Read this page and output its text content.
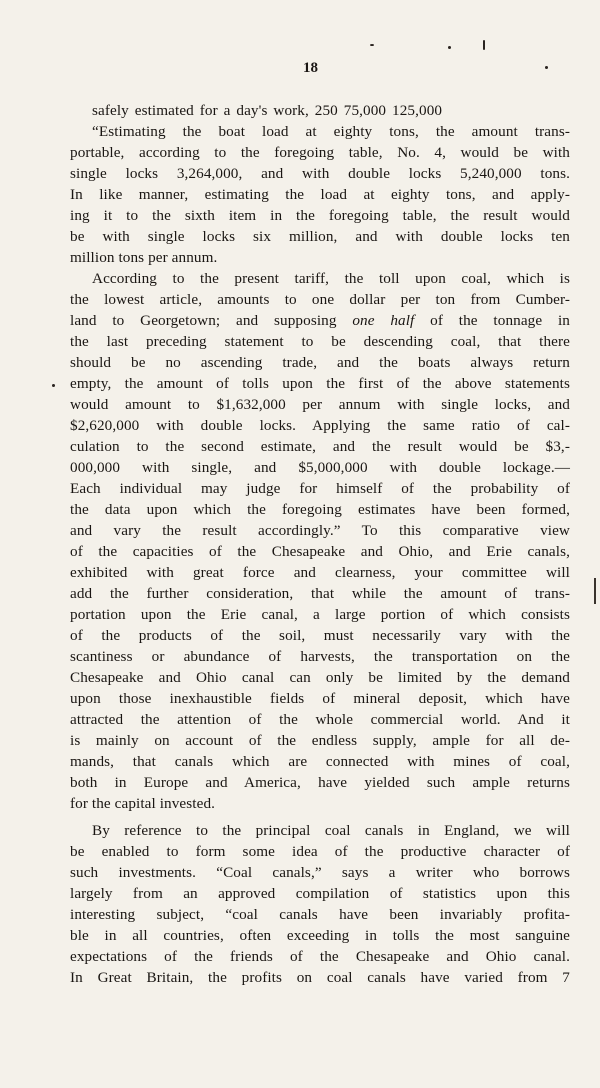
18
safely estimated for a day's work, 250 75,000 125,000
“Estimating the boat load at eighty tons, the amount trans-
portable, according to the foregoing table, No. 4, would be with
single locks 3,264,000, and with double locks 5,240,000 tons.
In like manner, estimating the load at eighty tons, and apply-
ing it to the sixth item in the foregoing table, the result would
be with single locks six million, and with double locks ten
million tons per annum.
According to the present tariff, the toll upon coal, which is
the lowest article, amounts to one dollar per ton from Cumber-
land to Georgetown; and supposing one half of the tonnage in
the last preceding statement to be descending coal, that there
should be no ascending trade, and the boats always return
empty, the amount of tolls upon the first of the above statements
would amount to $1,632,000 per annum with single locks, and
$2,620,000 with double locks. Applying the same ratio of cal-
culation to the second estimate, and the result would be $3,-
000,000 with single, and $5,000,000 with double lockage.—
Each individual may judge for himself of the probability of
the data upon which the foregoing estimates have been formed,
and vary the result accordingly.” To this comparative view
of the capacities of the Chesapeake and Ohio, and Erie canals,
exhibited with great force and clearness, your committee will
add the further consideration, that while the amount of trans-
portation upon the Erie canal, a large portion of which consists
of the products of the soil, must necessarily vary with the
scantiness or abundance of harvests, the transportation on the
Chesapeake and Ohio canal can only be limited by the demand
upon those inexhaustible fields of mineral deposit, which have
attracted the attention of the whole commercial world. And it
is mainly on account of the endless supply, ample for all de-
mands, that canals which are connected with mines of coal,
both in Europe and America, have yielded such ample returns
for the capital invested.
By reference to the principal coal canals in England, we will
be enabled to form some idea of the productive character of
such investments. “Coal canals,” says a writer who borrows
largely from an approved compilation of statistics upon this
interesting subject, “coal canals have been invariably profita-
ble in all countries, often exceeding in tolls the most sanguine
expectations of the friends of the Chesapeake and Ohio canal.
In Great Britain, the profits on coal canals have varied from 7
